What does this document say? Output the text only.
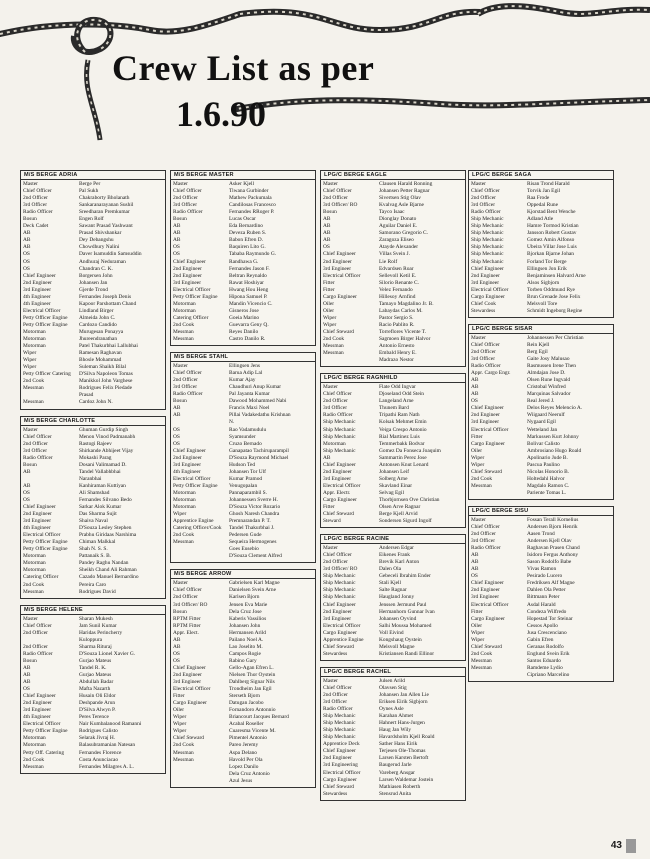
Crew List as per
1.6.90
M/S BERGE ADRIA
Master	Berge Per
Chief Officer	Pal Sukh
2nd Officer	Chakraborty Bholanath
3rd Officer	Sankaranarayanan Sushil
Radio Officer	Sreedharan Premkumar
Bosun	Engen Rolf
Deck Cadet	Sawant Prasad Yashwant
AB	Prasad Shivshankar
AB	Dey Debangshu
AB	Chowdhury Nalini
OS	Daver Isamuddin Samsuddin
OS	Andhuraj Neduraman
OS	Chandran C. K.
Chief Engineer	Borgersen John
2nd Engineer	Johansen Jan
3rd Engineer	Gjerde Trond
4th Engineer	Fernandes Joseph Denis
4th Engineer	Kapoor Parshottam Chand
Electrical Officer	Lindland Birger
Petty Officer Engine	Almeida John C.
Petty Officer Engine	Cardozo Candido
Motorman	Murugesan Ponayya
Motorman	Jhureendranathan
Motorman	Patel Thakurbhai Lallubhai
Wiper	Ramesan Raghavan
Wiper	Bhosle Mohammad
Wiper	Suleman Shaikh Bilal
Petty Officer Catering	D'Silva Napoleon Tomas
2nd Cook	Manikkol John Varghese
Messman	Rodrigues Felix Piedade
Prasad
Messman	Cardoz John N.
M/S BERGE CHARLOTTE
Master	Ghuman Gurdip Singh
Chief Officer	Menon Vinod Padmanabh
2nd Officer	Rastogi Rajeev
3rd Officer	Shirkande Abhijeet Vijay
Radio Officer	Mokashi Parag
Bosun	Dosani Valimamad D.
AB	Tandel Vallabhbhai
Naranbhai
AB	Kanhiraman Kuttiyan
OS	Ali Shamshad
OS	Fernandes Silvano Bedo
Chief Engineer	Sarkar Alok Kumar
2nd Engineer	Das Sharma Sujit
3rd Engineer	Shaiva Naval
4th Engineer	D'Souza Lesley Stephen
Electrical Officer	Prabhu Giridaas Narshima
Petty Officer Engine	Chiman Malkkal
Petty Officer Engine	Shah N. S. S.
Motorman	Pattanaik S. B.
Motorman	Pandey Raghu Nandan
Motorman	Sheikh Chand Ali Rahman
Catering Officer	Cazado Manuel Bernardino
2nd Cook	Pereira Caro
Messman	Rodrigues David
M/S BERGE HELENE
Master	Sharan Mukesh
Chief Officer	Jam Sunil Kumar
2nd Officer	Haridas Perincherry
Kuloppura
2nd Officer	Sharma Rituraj
Radio Officer	D'Souza Lionel Xavier G.
Bosun	Gurjao Mateus
AB	Tandel R. K.
AB	Gurjao Mateus
AB	Abdullah Badar
OS	Mafta Nazarth
Chief Engineer	Husain Oli Eldor
2nd Engineer	Deshpande Arun
3rd Engineer	D'Silva Alwyn P.
4th Engineer	Peres Terence
Electrical Officer	Nair Kumbalanood Ramanni
Petty Officer Engine	Rodrigues Calisto
Motorman	Selarak Jivraj H.
Motorman	Balasubramanian Natesan
Petty Off. Catering	Fernandes Florence
2nd Cook	Costa Anunciacao
Messman	Fernandes Milagres A. L.
M/S BERGE MASTER
Master	Asker Kjell
Chief Officer	Tiwana Gurbinder
2nd Officer	Mathew Packumala
3rd Officer	Candilosas Francesco
Radio Officer	Fernandes RRoger P.
Bosun	Lucas Oscar
AB	Eda Bernardino
AB	Deveza Ruben S.
AB	Babon Efren D.
OS	Baquiren Lito G.
OS	Tababa Raymundo G.
Chief Engineer	Randhawa G.
2nd Engineer	Fernandes Jason F.
2nd Engineer	Beltran Reynaldo
3rd Engineer	Rawat Hoshiyar
Electrical Officer	Hwang Hou Heng
Petty Officer Engine	Hipona Samuel P.
Motorman	Mandin Vicencio C.
Motorman	Gisneros Jose
Catering Officer	Goeia Marino
2nd Cook	Guevarra Geny Q.
Messman	Reyes Danilo
Messman	Castro Danilo R.
M/S BERGE STAHL
Master	Ellingsen Jens
Chief Officer	Barua Adip Lal
2nd Officer	Kumar Ajay
3rd Officer	Chaudhuri Anup Kumar
Radio Officer	Pal Jayanta Kumar
Bosun	Dawood Mohammed Nabi
AB	Francis Maxi Noel
AB	Pillai Vadakedathu Krishnan
N.
OS	Rao Vadamudulu
OS	Syamsunder
OS	Cruzo Bernado
Chief Engineer	Ganapatao Tachiruparampil
2nd Engineer	D'Souza Raymond Michael
3rd Engineer	Hudson Ted
4th Engineer	Johansen Tor Ulf
Electrical Officer	Kumar Pramod
Petty Officer Engine	Venugopalan
Motorman	Pannaparambil S.
Motorman	Johannessen Sverre H.
Motorman	D'Souza Victor Rozario
Wiper	Ghosh Naresh Chandra
Apprentice Engine	Premnarandan P. T.
Catering Officer/Cook	Tandel Thakurbhai J.
2nd Cook	Pedersen Gude
Messman	Sequeira Hermogenes
Goes Eusebio
D'Souza Clement Alfred
M/S BERGE ARROW
Master	Gabrielsen Karl Magne
Chief Officer	Danielsen Svein Arne
2nd Officer	Karlsen Bjorn
3rd Officer/ RO	Jensen Eva Marie
Bosun	Dela Cruz Jose
RPTM Fitter	Kaberis Vassilios
RPTM Fitter	Johansen John
Appr. Elect.	Hermansen Arild
AB	Pailano Noel A.
AB	Lao Joselito M.
OS	Campos Rogie
OS	Rabino Gary
Chief Engineer	Gello-Agan Efren L.
2nd Engineer	Nielsen Thor Oystein
3rd Engineer	Dahlberg Signar Nils
Electrical Officer	Trondheim Jan Egil
Fitter	Sterseth Bjorn
Cargo Engineer	Datugan Jacobo
Oiler	Fornandoro Antonnio
Wiper	Briancourt Jacques Bernard
Wiper	Acabal Roseller
Wiper	Cuaresma Vicente M.
Chief Steward	Pimentel Antonio
2nd Cook	Pareo Jeremy
Messman	Aspa Delano
Messman	Havold Per Ola
Lopez Danilo
Dela Cruz Antonio
Azul Jesus
LPG/C BERGE EAGLE
Master	Clausen Harald Ronning
Chief Officer	Johansen Petter Ragnar
2nd Officer	Sivertsen Stig Olav
3rd Officer/ RO	Kvalvag Asle Bjarne
Bosun	Tayco Isaac
AB	Dionglay Donato
AB	Aguilar Daniel E.
AB	Samorano Gregorio C.
AB	Zaragoza Eliseo
OS	Atayde Alexander
Chief Engineer	Villas Svein J.
2nd Engineer	Lie Rolf
3rd Engineer	Edvardsen Roar
Electrical Officer	Sellevoll Ketil E.
Fitter	Silorio Renante C.
Fitter	Velez Fernando
Cargo Engineer	Hillesoy Arnfind
Oiler	Tamayo Magdalino Jr. B.
Oiler	Labaydas Carlos M.
Wiper	Pastor Sergio S.
Wiper	Racio Pablito R.
Chief Steward	Torreflores Vicente T.
2nd Cook	Sagmoen Birger Halvor
Messman	Antonio Ernesto
Messman	Embald Henry E.
Madrazo Nestor
LPG/C BERGE RAGNHILD
Master	Flate Odd Ingvar
Chief Officer	Djoseland Odd Stein
2nd Officer	Langeland Arne
3rd Officer	Thunem Bard
Radio Officer	Tripathi Ram Nath
Ship Mechanic	Kolsak Mehmet Emin
Ship Mechanic	Veiga Crespo Antonio
Ship Mechanic	Rial Martinez Luis
Motorman	Temmerbakk Bodvar
Ship Mechanic	Gomez Da Fonseca Joaquim
AB	Sammartin Perez Jose
Chief Engineer	Antonsen Knut Lenard
2nd Engineer	Johansen Leif
3rd Engineer	Solberg Arne
Electrical Officer	Skavland Einar
Appr. Electr.	Selvag Egil
Cargo Engineer	Thorbjornsen Ove Christian
Fitter	Olsen Arve Ragnar
Chief Steward	Berge Kjell Arvid
Steward	Sondersen Sigurd Ingolf
LPG/C BERGE RACINE
Master	Andersen Edgar
Chief Officer	Eikenes Frank
2nd Officer	Brevik Karl Anton
3rd Officer/ RO	Dalen Ola
Ship Mechanic	Gebeceli Ibrahim Ender
Ship Mechanic	Stali Kjell
Ship Mechanic	Salte Ragnar
Ship Mechanic	Haugland Jonny
Chief Engineer	Jenssen Jermund Paul
2nd Engineer	Hermanhorn Gunnar Ivan
3rd Engineer	Johansen Oyvind
Electrical Officer	Salhi Moussa Mohamed
Cargo Engineer	Voll Eivind
Apprentice Engine	Kongshaug Oystein
Chief Steward	Melsvoll Magne
Stewardess	Kristiansen Randi Ellinor
LPG/C BERGE RACHEL
Master	Julsen Arild
Chief Officer	Olavsen Stig
2nd Officer	Johansen Jan Allen Lie
3rd Officer	Eriksen Eirik Sigbjorn
Radio Officer	Oynes Asle
Ship Mechanic	Karahan Ahmet
Ship Mechanic	Hahnert Hans-Jurgen
Ship Mechanic	Haug Jan Wily
Ship Mechanic	Havardsholm Kjell Roald
Apprentice Deck	Sather Hans Eirik
Chief Engineer	Terjesen Ole-Thomas
2nd Engineer	Larsen Karsten Bertoft
3rd Engineering	Baugerud Jarle
Electrical Officer	Vareberg Ansgar
Cargo Engineer	Larsen Waldemar Jostein
Chief Steward	Mathiasen Roberth
Stewardess	Stensrud Anita
LPG/C BERGE SAGA
Master	Risan Trond Harald
Chief Officer	Torvik Jan Egil
2nd Officer	Raa Frode
3rd Officer	Oppedal Rune
Radio Officer	Kjorstad Bent Wenche
Ship Mechanic	Adland Atle
Ship Mechanic	Hamre Tormod Kristian
Ship Mechanic	Jansson Robert Gustav
Ship Mechanic	Gomez Amin Alfonso
Ship Mechanic	Ubeira Villar Jose Luis
Ship Mechanic	Bjorkan Bjarne Johan
Ship Mechanic	Forland Tor Berge
Chief Engineer	Ellingsen Jon Erik
2nd Engineer	Benjaminsen Halvard Arne
3rd Engineer	Alsos Sigbjorn
Electrical Officer	Torben Oddmund Rye
Cargo Engineer	Brun Grenade Jose Felix
Chief Cook	Melsvoll Tore
Stewardess	Schmidt Ingeborg Regine
LPG/C BERGE SISAR
Master	Johannessen Per Christian
Chief Officer	Rein Kjell
2nd Officer	Berg Egil
3rd Officer	Gaite Josy Malusao
Radio Officer	Rasmussen Irene Then
Appr. Cargo Engr.	Almdajan Jose D.
AB	Olsen Rune Ingvald
AB	Cristobal Winfred
AB	Marquinas Salvador
OS	Real Jered J.
Chief Engineer	Delos Reyes Melencio A.
2nd Engineer	Wiigaard Neerulf
3rd Engineer	Nygaard Egil
Electrical Officer	Wetteland Jan
Fitter	Markussen Kurt Johnny
Cargo Engineer	Bolivar Calisto
Oiler	Ambrosiano Hugo Roald
Wiper	Apolinario Jude B.
Wiper	Pascua Paulino
Chief Steward	Nicolas Honorio B.
2nd Cook	Holtedahl Halvor
Messman	Magdalo Ramon C.
Pariente Tomas L.
LPG/C BERGE SISU
Master	Fossan Terall Kornelius
Chief Officer	Andersen Bjorn Henrik
2nd Officer	Aasen Trond
3rd Officer	Andersen Kjell Olav
Radio Officer	Raghavan Prasen Chand
AB	Isidoro Fergus Anthony
AB	Sason Rodolfo Babe
AB	Vivas Ramon
OS	Pesirado Lucero
Chief Engineer	Fredriksen Alf Magne
2nd Engineer	Dahlen Ola Petter
3rd Engineer	Bittmann Peter
Electrical Officer	Asdal Harald
Fitter	Condeza Wilfredo
Cargo Engineer	Hopestad Tor Steinar
Oiler	Cessos Apollo
Wiper	Jusa Crescenciano
Wiper	Gabin Efren
Chief Steward	Geranas Rodolfo
2nd Cook	Englund Svein Erik
Messman	Santos Eduardo
Messman	Ramdeme Lydio
Cipriano Marcelino
43
